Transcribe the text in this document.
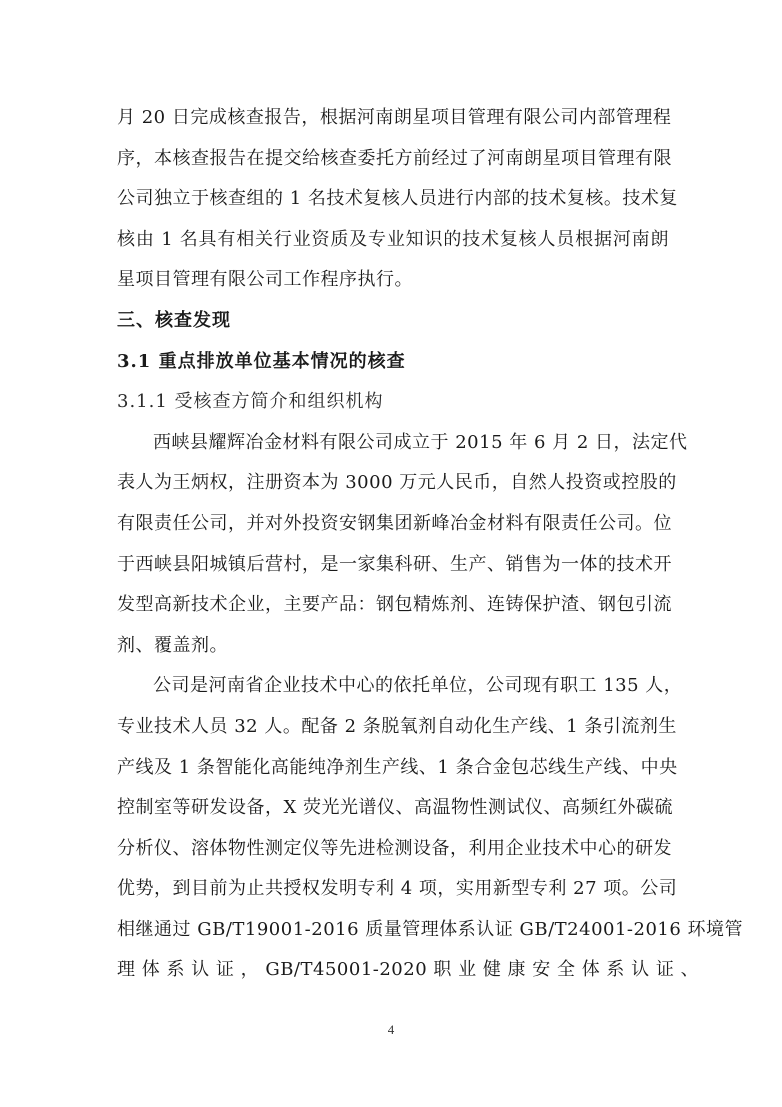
月 20 日完成核查报告，根据河南朗星项目管理有限公司内部管理程
序，本核查报告在提交给核查委托方前经过了河南朗星项目管理有限
公司独立于核查组的 1 名技术复核人员进行内部的技术复核。技术复
核由 1 名具有相关行业资质及专业知识的技术复核人员根据河南朗
星项目管理有限公司工作程序执行。
三、核查发现
3.1 重点排放单位基本情况的核查
3.1.1 受核查方简介和组织机构
西峡县耀辉冶金材料有限公司成立于 2015 年 6 月 2 日，法定代
表人为王炳权，注册资本为 3000 万元人民币，自然人投资或控股的
有限责任公司，并对外投资安钢集团新峰冶金材料有限责任公司。位
于西峡县阳城镇后营村，是一家集科研、生产、销售为一体的技术开
发型高新技术企业，主要产品：钢包精炼剂、连铸保护渣、钢包引流
剂、覆盖剂。
公司是河南省企业技术中心的依托单位，公司现有职工 135 人，
专业技术人员 32 人。配备 2 条脱氧剂自动化生产线、1 条引流剂生
产线及 1 条智能化高能纯净剂生产线、1 条合金包芯线生产线、中央
控制室等研发设备，X 荧光光谱仪、高温物性测试仪、高频红外碳硫
分析仪、溶体物性测定仪等先进检测设备，利用企业技术中心的研发
优势，到目前为止共授权发明专利 4 项，实用新型专利 27 项。公司
相继通过 GB/T19001-2016 质量管理体系认证 GB/T24001-2016 环境管
理 体 系 认 证 ， GB/T45001-2020 职 业 健 康 安 全 体 系 认 证 、
4
